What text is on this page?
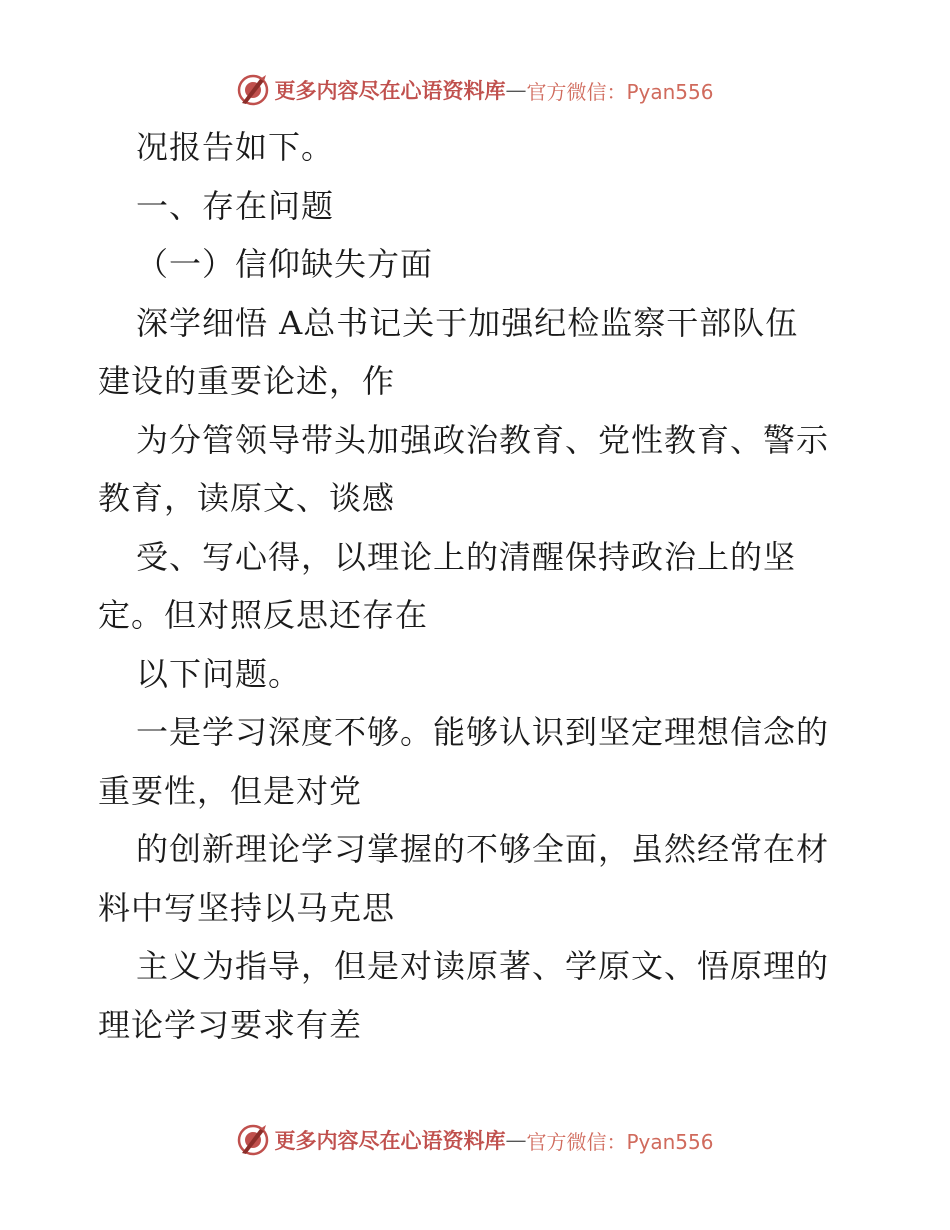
更多内容尽在心语资料库 — 官方微信：Pyan556
况报告如下。
一、存在问题
（一）信仰缺失方面
深学细悟 A总书记关于加强纪检监察干部队伍
建设的重要论述，作
为分管领导带头加强政治教育、党性教育、警示
教育，读原文、谈感
受、写心得，以理论上的清醒保持政治上的坚
定。但对照反思还存在
以下问题。
一是学习深度不够。能够认识到坚定理想信念的
重要性，但是对党
的创新理论学习掌握的不够全面，虽然经常在材
料中写坚持以马克思
主义为指导，但是对读原著、学原文、悟原理的
理论学习要求有差
更多内容尽在心语资料库 — 官方微信：Pyan556
